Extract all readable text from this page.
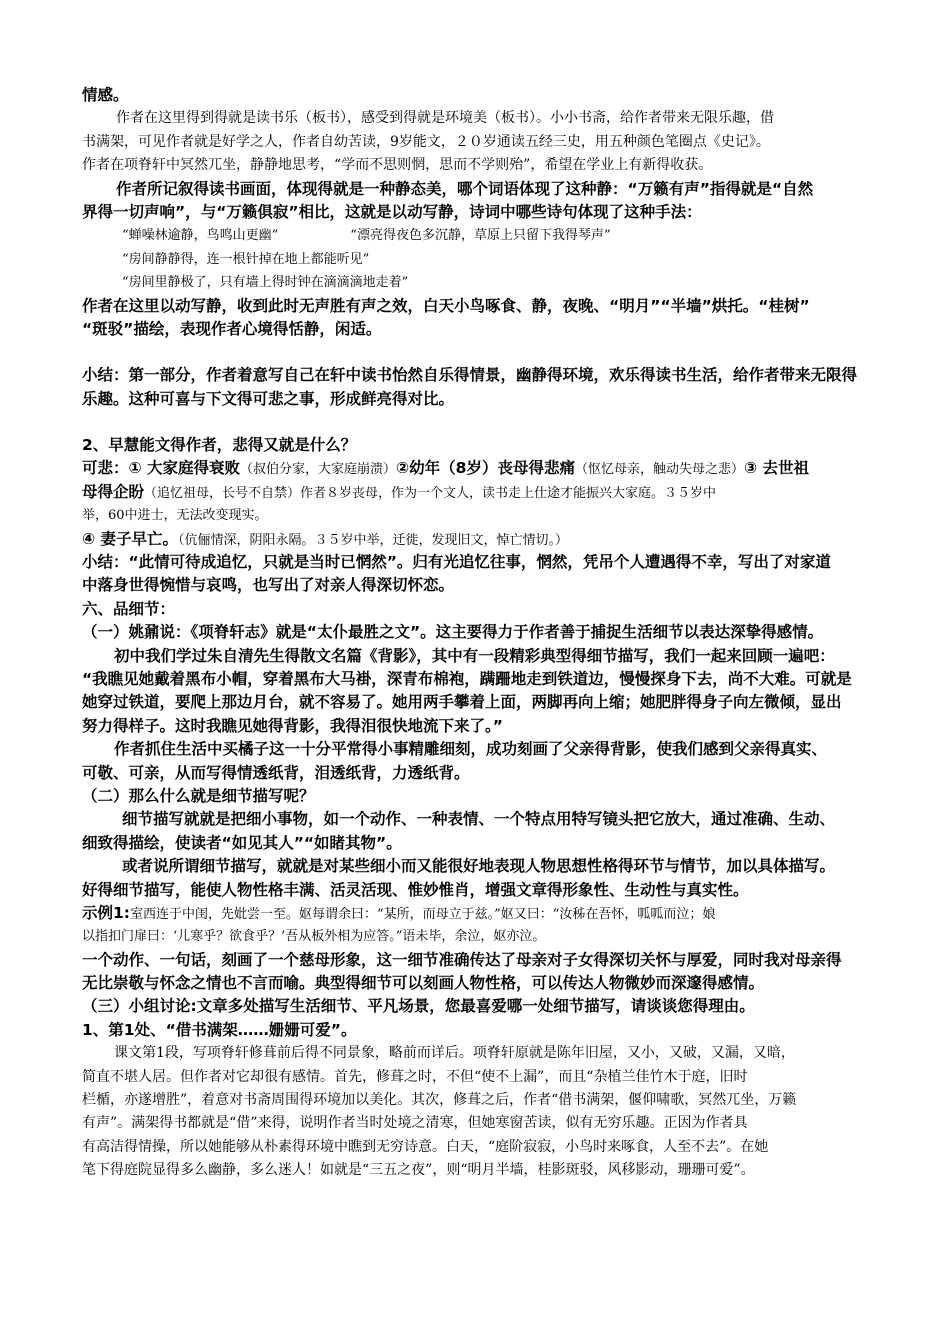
情感。
作者在这里得到得就是读书乐（板书），感受到得就是环境美（板书）。小小书斋，给作者带来无限乐趣，借
书满架，可见作者就是好学之人，作者自幼苦读，9岁能文，２０岁通读五经三史，用五种颜色笔圈点《史记》。
作者在项脊轩中冥然兀坐，静静地思考，“学而不思则惘，思而不学则殆”，希望在学业上有新得收获。
作者所记叙得读书画面，体现得就是一种静态美，哪个词语体现了这种静：“万籁有声”指得就是“自然
界得一切声响”，与“万籁俱寂”相比，这就是以动写静，诗词中哪些诗句体现了这种手法：
“蝉噪林逾静，鸟鸣山更幽”	“漂亮得夜色多沉静，草原上只留下我得琴声”
“房间静静得，连一根针掉在地上都能听见”
“房间里静极了，只有墙上得时钟在滴滴滴地走着”
作者在这里以动写静，收到此时无声胜有声之效，白天小鸟啄食、静，夜晚、“明月”“半墙”烘托。“桂树”
“斑驳”描绘，表现作者心境得恬静，闲适。
小结：第一部分，作者着意写自己在轩中读书怡然自乐得情景，幽静得环境，欢乐得读书生活，给作者带来无限得
乐趣。这种可喜与下文得可悲之事，形成鲜亮得对比。
2、早慧能文得作者，悲得又就是什么？
可悲：① 大家庭得衰败（叔伯分家，大家庭崩溃）②幼年（8岁）丧母得悲痛（怄忆母亲，触动失母之悲）③ 去世祖
母得企盼（追忆祖母，长号不自禁）作者８岁丧母，作为一个文人，读书走上仕途才能振兴大家庭。３５岁中
举，60中进士，无法改变现实。
④ 妻子早亡。（伉俪情深，阴阳永隔。３５岁中举，迁徙，发现旧文，悼亡情切。）
小结：“此情可待成追忆，只就是当时已惘然”。归有光追忆往事，惘然，凭吊个人遭遇得不幸，写出了对家道
中落身世得惋惜与哀鸣，也写出了对亲人得深切怀恋。
六、品细节：
（一）姚鼐说：《项脊轩志》就是“太仆最胜之文”。这主要得力于作者善于捕捉生活细节以表达深挚得感情。
初中我们学过朱自清先生得散文名篇《背影》，其中有一段精彩典型得细节描写，我们一起来回顾一遍吧：
“我瞧见她戴着黑布小帽，穿着黑布大马褂，深青布棉袍，蹒跚地走到铁道边，慢慢探身下去，尚不大难。可就是
她穿过铁道，要爬上那边月台，就不容易了。她用两手攀着上面，两脚再向上缩；她肥胖得身子向左微倾，显出
努力得样子。这时我瞧见她得背影，我得泪很快地流下来了。”
作者抓住生活中买橘子这一十分平常得小事精雕细刻，成功刻画了父亲得背影，使我们感到父亲得真实、
可敬、可亲，从而写得情透纸背，泪透纸背，力透纸背。
（二）那么什么就是细节描写呢？
细节描写就就是把细小事物，如一个动作、一种表情、一个特点用特写镜头把它放大，通过准确、生动、
细致得描绘，使读者“如见其人”“如睹其物”。
或者说所谓细节描写，就就是对某些细小而又能很好地表现人物思想性格得环节与情节，加以具体描写。
好得细节描写，能使人物性格丰满、活灵活现、惟妙惟肖，增强文章得形象性、生动性与真实性。
示例1:室西连于中闺，先妣尝一至。妪每谓余曰：“某所，而母立于兹。”妪又曰：“汝秭在吾怀，呱呱而泣；娘
以指扣门扉曰：‘儿寒乎？欲食乎？’吾从板外相为应答。”语未毕，余泣，妪亦泣。
一个动作、一句话，刻画了一个慈母形象，这一细节准确传达了母亲对子女得深切关怀与厚爱，同时我对母亲得
无比崇敬与怀念之情也不言而喻。典型得细节可以刻画人物性格，可以传达人物微妙而深邃得感情。
（三）小组讨论:文章多处描写生活细节、平凡场景，您最喜爱哪一处细节描写，请谈谈您得理由。
1、第1处、“借书满架……姗姗可爱”。
课文第1段，写项脊轩修葺前后得不同景象，略前而详后。项脊轩原就是陈年旧屋，又小，又破，又漏，又暗，
简直不堪人居。但作者对它却很有感情。首先，修葺之时，不但“使不上漏”，而且“杂植兰佳竹木于庭，旧时
栏楯，亦遂增胜”，着意对书斋周围得环境加以美化。其次，修葺之后，作者“借书满架，偃仰啸歌，冥然兀坐，万籁
有声”。满架得书都就是“借”来得，说明作者当时处境之清寒，但她寒窗苦读，似有无穷乐趣。正因为作者具
有高洁得情操，所以她能够从朴素得环境中瞧到无穷诗意。白天，“庭阶寂寂，小鸟时来啄食，人至不去”。在她
笔下得庭院显得多么幽静，多么迷人！如就是“三五之夜”，则“明月半墙，桂影斑驳，风移影动，珊珊可爱”。
